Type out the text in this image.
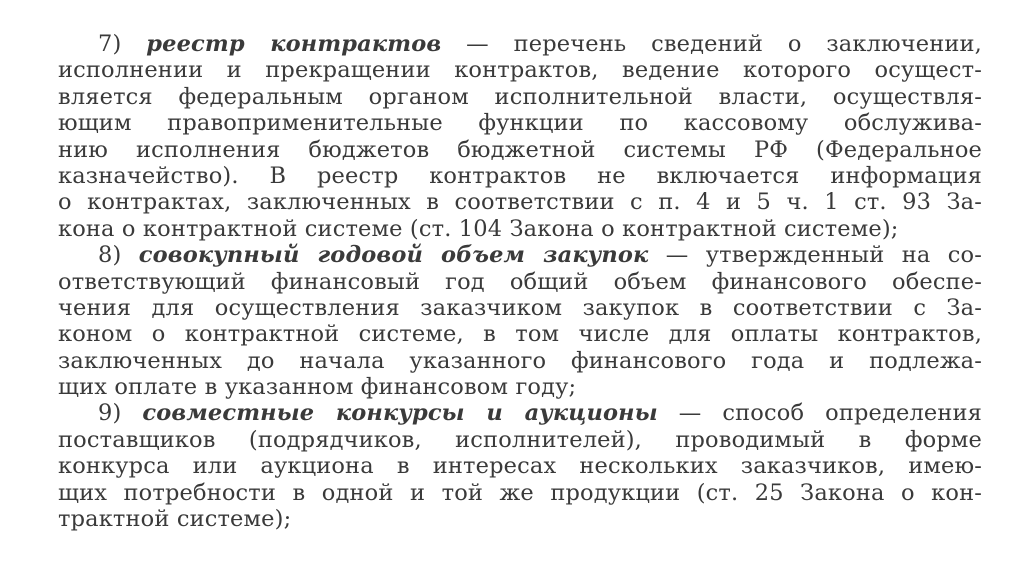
7) реестр контрактов — перечень сведений о заключении,
исполнении и прекращении контрактов, ведение которого осущест-
вляется федеральным органом исполнительной власти, осуществля-
ющим правоприменительные функции по кассовому обслужива-
нию исполнения бюджетов бюджетной системы РФ (Федеральное
казначейство). В реестр контрактов не включается информация
о контрактах, заключенных в соответствии с п. 4 и 5 ч. 1 ст. 93 За-
кона о контрактной системе (ст. 104 Закона о контрактной системе);
8) совокупный годовой объем закупок — утвержденный на со-
ответствующий финансовый год общий объем финансового обеспе-
чения для осуществления заказчиком закупок в соответствии с За-
коном о контрактной системе, в том числе для оплаты контрактов,
заключенных до начала указанного финансового года и подлежа-
щих оплате в указанном финансовом году;
9) совместные конкурсы и аукционы — способ определения
поставщиков (подрядчиков, исполнителей), проводимый в форме
конкурса или аукциона в интересах нескольких заказчиков, имею-
щих потребности в одной и той же продукции (ст. 25 Закона о кон-
трактной системе);
